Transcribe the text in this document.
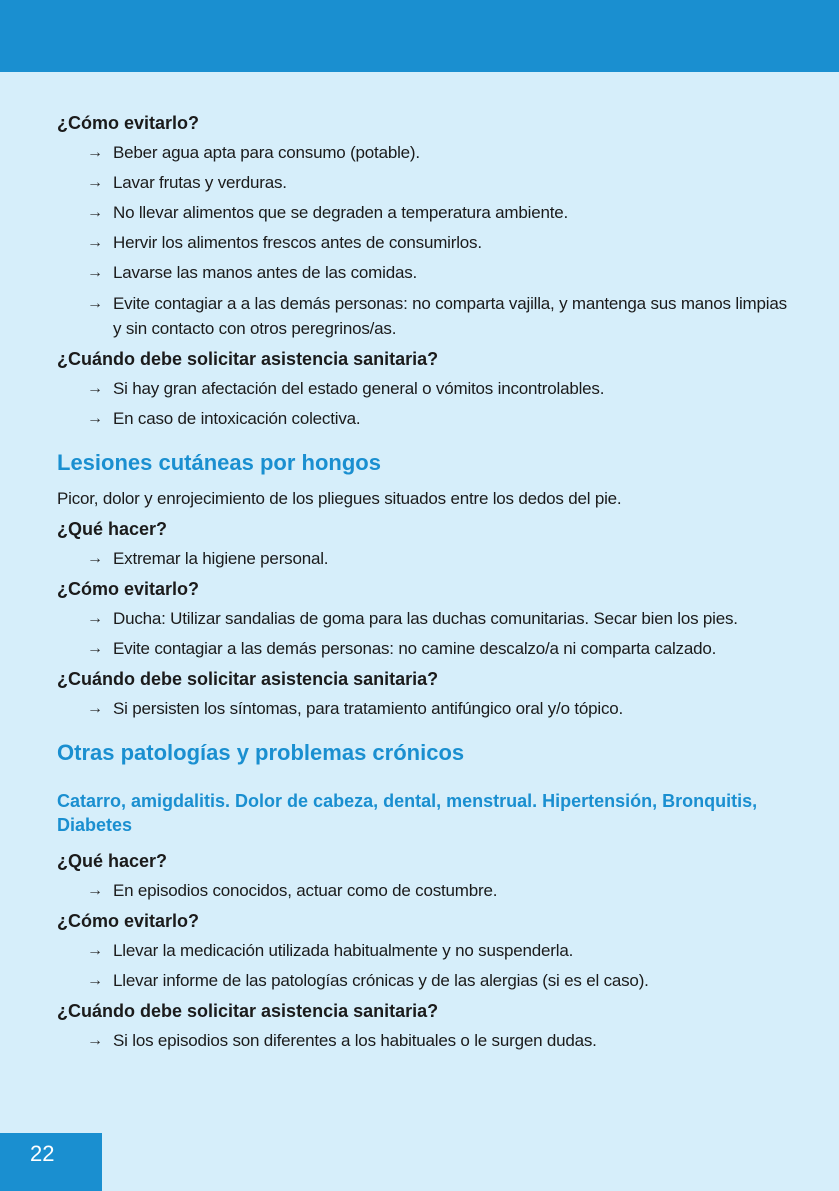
¿Cómo evitarlo?
→ Beber agua apta para consumo (potable).
→ Lavar frutas y verduras.
→ No llevar alimentos que se degraden a temperatura ambiente.
→ Hervir los alimentos frescos antes de consumirlos.
→ Lavarse las manos antes de las comidas.
→ Evite contagiar a a las demás personas: no comparta vajilla, y mantenga sus manos limpias y sin contacto con otros peregrinos/as.
¿Cuándo debe solicitar asistencia sanitaria?
→ Si hay gran afectación del estado general o vómitos incontrolables.
→ En caso de intoxicación colectiva.
Lesiones cutáneas por hongos
Picor, dolor y enrojecimiento de los pliegues situados entre los dedos del pie.
¿Qué hacer?
→ Extremar la higiene personal.
¿Cómo evitarlo?
→ Ducha: Utilizar sandalias de goma para las duchas comunitarias. Secar bien los pies.
→ Evite contagiar a las demás personas: no camine descalzo/a ni comparta calzado.
¿Cuándo debe solicitar asistencia sanitaria?
→ Si persisten los síntomas, para tratamiento antifúngico oral y/o tópico.
Otras patologías y problemas crónicos
Catarro, amigdalitis. Dolor de cabeza, dental, menstrual. Hipertensión, Bronquitis, Diabetes
¿Qué hacer?
→ En episodios conocidos, actuar como de costumbre.
¿Cómo evitarlo?
→ Llevar la medicación utilizada habitualmente y no suspenderla.
→ Llevar informe de las patologías crónicas y de las alergias (si es el caso).
¿Cuándo debe solicitar asistencia sanitaria?
→ Si los episodios son diferentes a los habituales o le surgen dudas.
22
